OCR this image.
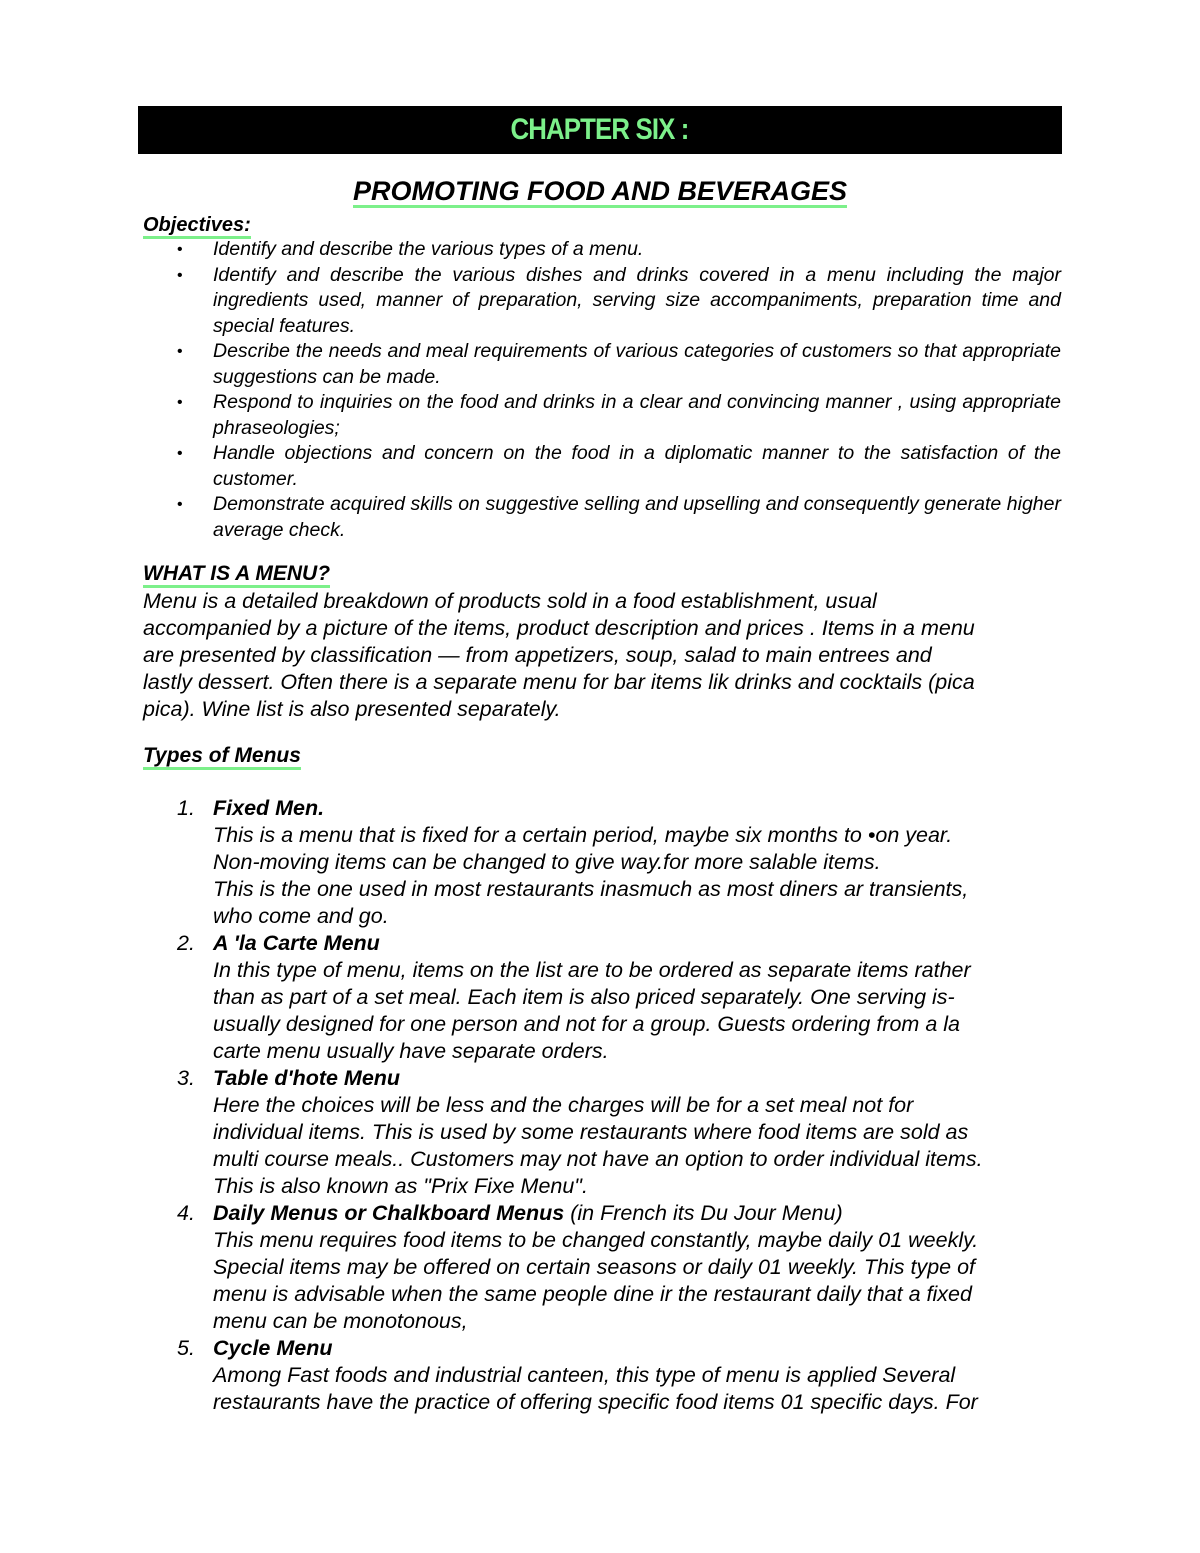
CHAPTER SIX :
PROMOTING FOOD AND BEVERAGES
Objectives:
• Identify and describe the various types of a menu.
• Identify and describe the various dishes and drinks covered in a menu including the major ingredients used, manner of preparation, serving size accompaniments, preparation time and special features.
• Describe the needs and meal requirements of various categories of customers so that appropriate suggestions can be made.
• Respond to inquiries on the food and drinks in a clear and convincing manner , using appropriate phraseologies;
• Handle objections and concern on the food in a diplomatic manner to the satisfaction of the customer.
• Demonstrate acquired skills on suggestive selling and upselling and consequently generate higher average check.
WHAT IS A MENU?
Menu is a detailed breakdown of products sold in a food establishment, usual
accompanied by a picture of the items, product description and prices . Items in a menu
are presented by classification — from appetizers, soup, salad to main entrees and
lastly dessert. Often there is a separate menu for bar items lik drinks and cocktails (pica
pica). Wine list is also presented separately.
Types of Menus
1. Fixed Men.
This is a menu that is fixed for a certain period, maybe six months to •on year.
Non-moving items can be changed to give way.for more salable items.
This is the one used in most restaurants inasmuch as most diners ar transients,
who come and go.
2. A 'la Carte Menu
In this type of menu, items on the list are to be ordered as separate items rather
than as part of a set meal. Each item is also priced separately. One serving is-
usually designed for one person and not for a group. Guests ordering from a la
carte menu usually have separate orders.
3. Table d'hote Menu
Here the choices will be less and the charges will be for a set meal not for
individual items. This is used by some restaurants where food items are sold as
multi course meals.. Customers may not have an option to order individual items.
This is also known as "Prix Fixe Menu".
4. Daily Menus or Chalkboard Menus (in French its Du Jour Menu)
This menu requires food items to be changed constantly, maybe daily 01 weekly.
Special items may be offered on certain seasons or daily 01 weekly. This type of
menu is advisable when the same people dine ir the restaurant daily that a fixed
menu can be monotonous,
5. Cycle Menu
Among Fast foods and industrial canteen, this type of menu is applied Several
restaurants have the practice of offering specific food items 01 specific days. For
